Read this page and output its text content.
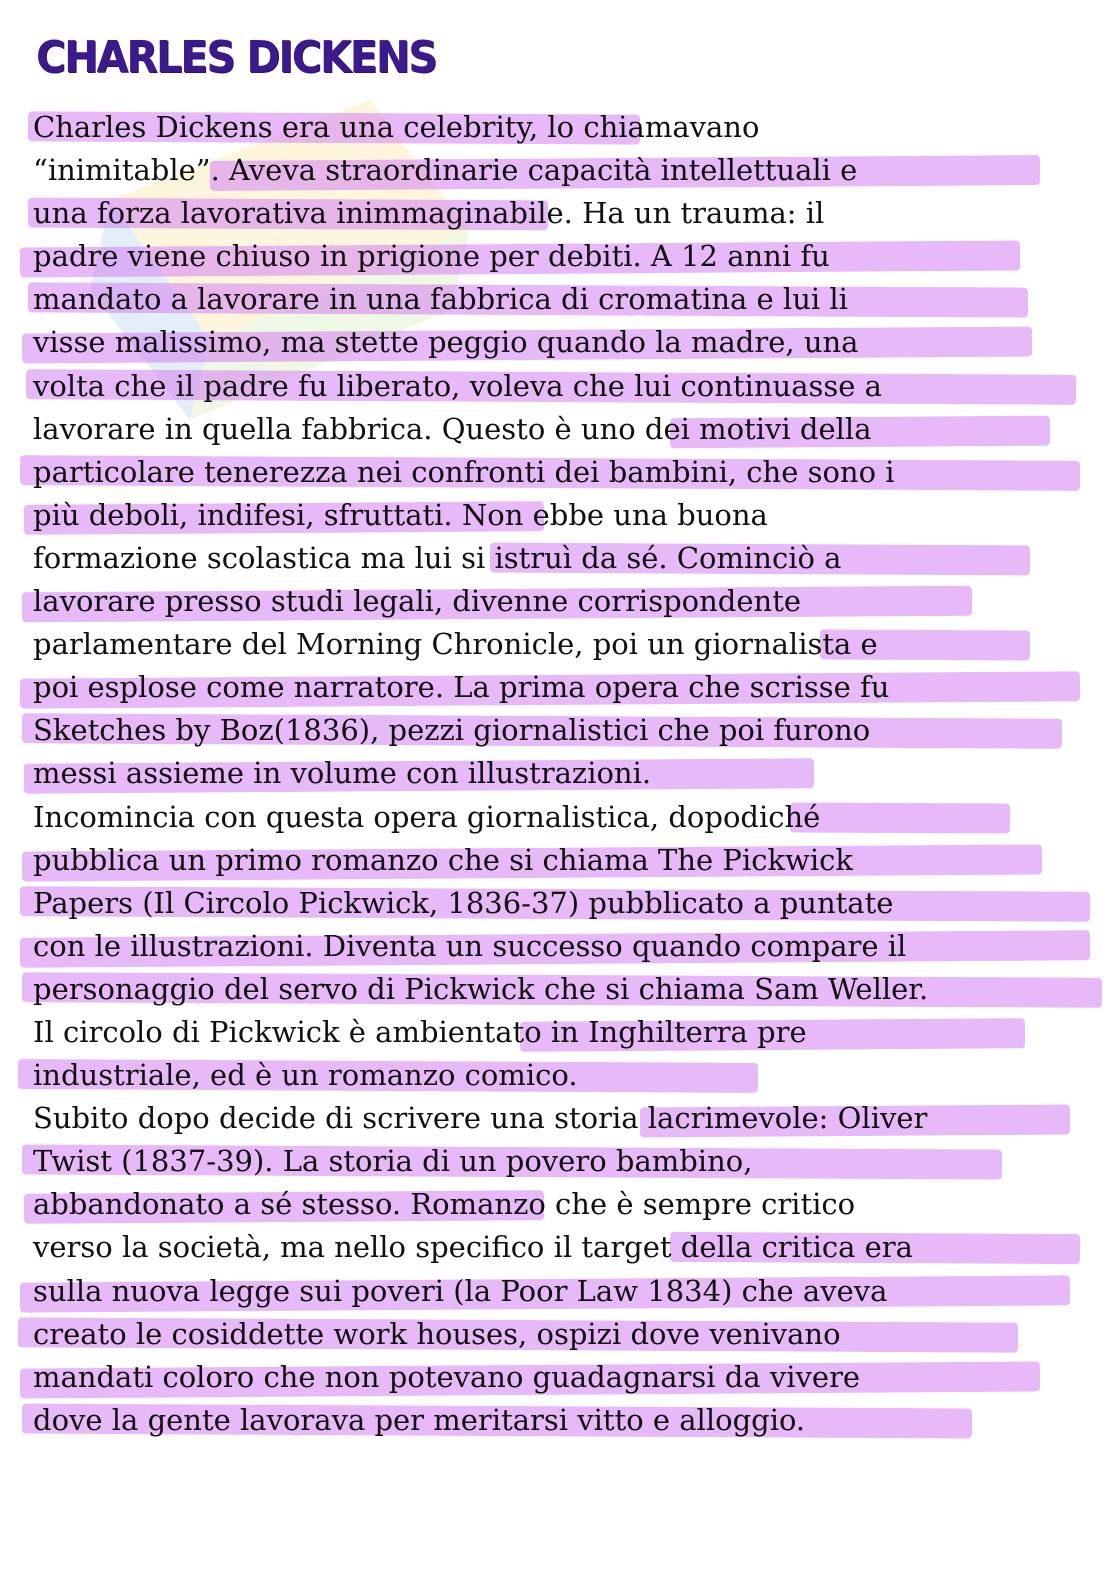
CHARLES DICKENS
Charles Dickens era una celebrity, lo chiamavano
“inimitable”. Aveva straordinarie capacità intellettuali e
una forza lavorativa inimmaginabile. Ha un trauma: il
padre viene chiuso in prigione per debiti. A 12 anni fu
mandato a lavorare in una fabbrica di cromatina e lui li
visse malissimo, ma stette peggio quando la madre, una
volta che il padre fu liberato, voleva che lui continuasse a
lavorare in quella fabbrica. Questo è uno dei motivi della
particolare tenerezza nei confronti dei bambini, che sono i
più deboli, indifesi, sfruttati. Non ebbe una buona
formazione scolastica ma lui si istruì da sé. Cominciò a
lavorare presso studi legali, divenne corrispondente
parlamentare del Morning Chronicle, poi un giornalista e
poi esplose come narratore. La prima opera che scrisse fu
Sketches by Boz(1836), pezzi giornalistici che poi furono
messi assieme in volume con illustrazioni.
Incomincia con questa opera giornalistica, dopodiché
pubblica un primo romanzo che si chiama The Pickwick
Papers (Il Circolo Pickwick, 1836-37) pubblicato a puntate
con le illustrazioni. Diventa un successo quando compare il
personaggio del servo di Pickwick che si chiama Sam Weller.
Il circolo di Pickwick è ambientato in Inghilterra pre
industriale, ed è un romanzo comico.
Subito dopo decide di scrivere una storia lacrimevole: Oliver
Twist (1837-39). La storia di un povero bambino,
abbandonato a sé stesso. Romanzo che è sempre critico
verso la società, ma nello specifico il target della critica era
sulla nuova legge sui poveri (la Poor Law 1834) che aveva
creato le cosiddette work houses, ospizi dove venivano
mandati coloro che non potevano guadagnarsi da vivere
dove la gente lavorava per meritarsi vitto e alloggio.
